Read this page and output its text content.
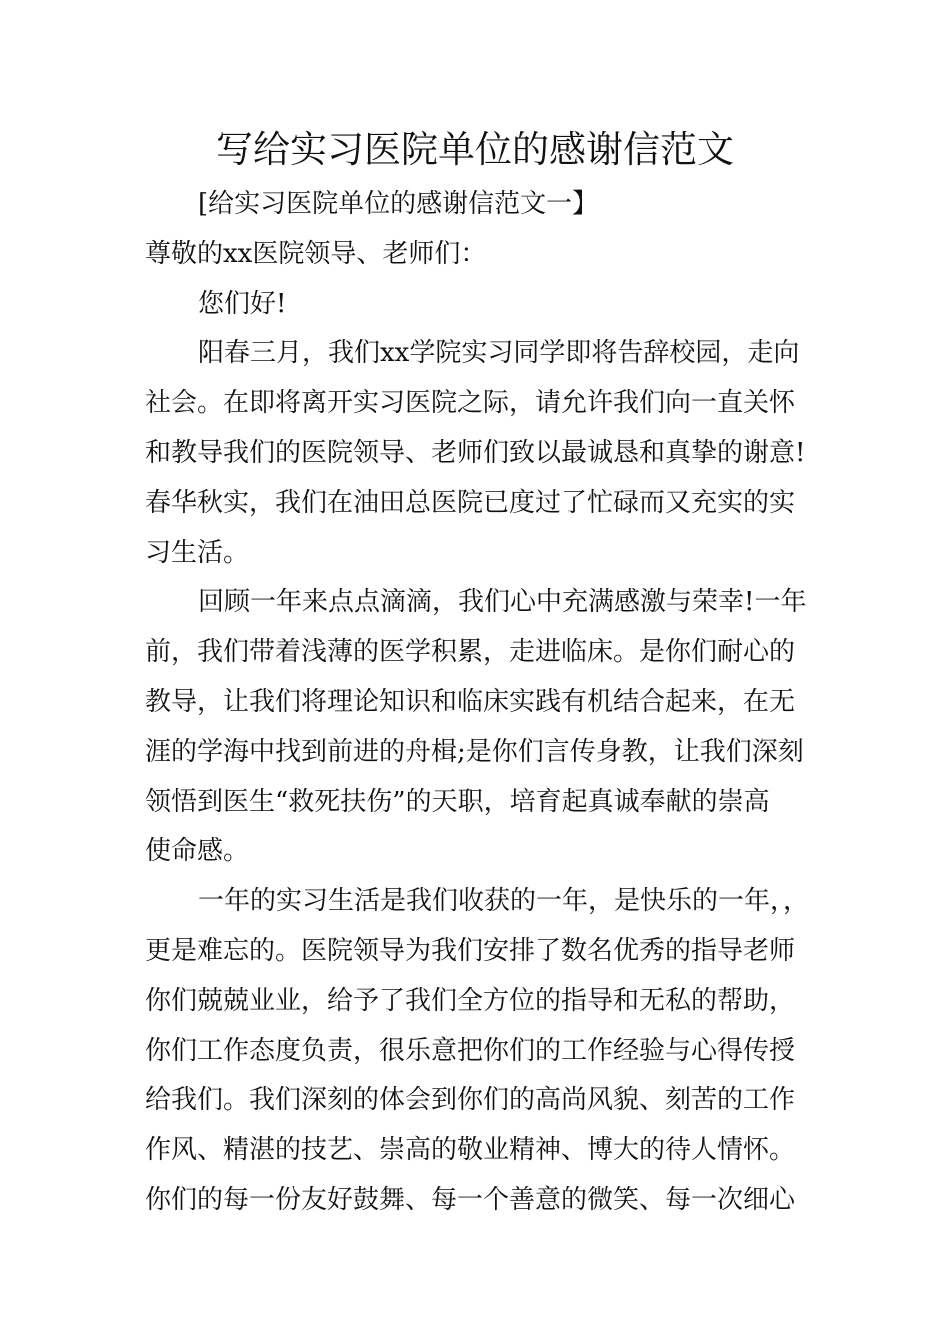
写给实习医院单位的感谢信范文
[给实习医院单位的感谢信范文一】
尊敬的xx医院领导、老师们：
您们好!
阳春三月，我们xx学院实习同学即将告辞校园，走向
社会。在即将离开实习医院之际，请允许我们向一直关怀
和教导我们的医院领导、老师们致以最诚恳和真挚的谢意!
春华秋实，我们在油田总医院已度过了忙碌而又充实的实
习生活。
回顾一年来点点滴滴，我们心中充满感激与荣幸!一年
前，我们带着浅薄的医学积累，走进临床。是你们耐心的
教导，让我们将理论知识和临床实践有机结合起来，在无
涯的学海中找到前进的舟楫;是你们言传身教，让我们深刻
领悟到医生“救死扶伤”的天职，培育起真诚奉献的崇高
使命感。
一年的实习生活是我们收获的一年，是快乐的一年，，
更是难忘的。医院领导为我们安排了数名优秀的指导老师
你们兢兢业业，给予了我们全方位的指导和无私的帮助，
你们工作态度负责，很乐意把你们的工作经验与心得传授
给我们。我们深刻的体会到你们的高尚风貌、刻苦的工作
作风、精湛的技艺、崇高的敬业精神、博大的待人情怀。
你们的每一份友好鼓舞、每一个善意的微笑、每一次细心
